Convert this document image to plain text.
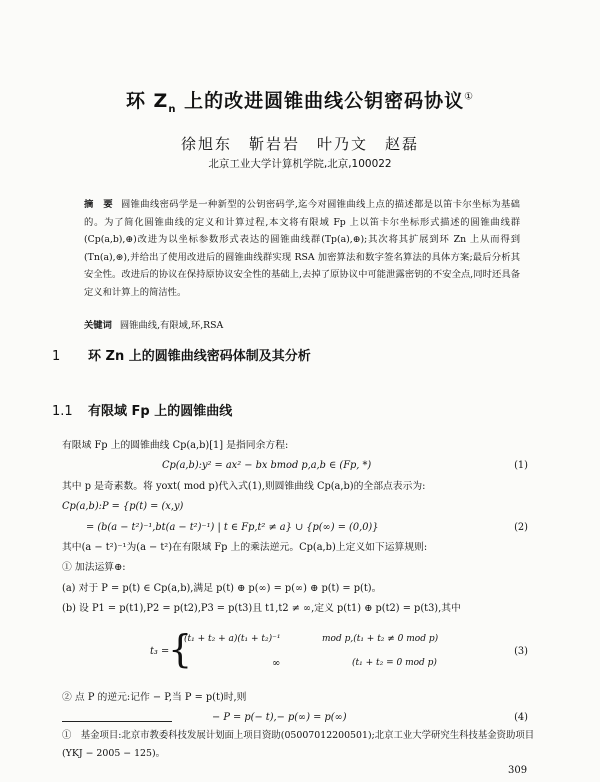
环 $Z_n$ 上的改进圆锥曲线公钥密码协议①
徐旭东　靳岩岩　叶乃文　赵磊
北京工业大学计算机学院,北京,100022
摘　要 圆锥曲线密码学是一种新型的公钥密码学,迄今对圆锥曲线上点的描述都是以笛卡尔坐标为基础的。为了简化圆锥曲线的定义和计算过程,本文将有限域 Fp 上以笛卡尔坐标形式描述的圆锥曲线群(Cp(a,b),⊕)改进为以坐标参数形式表达的圆锥曲线群(Tp(a),⊕);其次将其扩展到环 Zn 上从而得到(Tn(a),⊛),并给出了使用改进后的圆锥曲线群实现 RSA 加密算法和数字签名算法的具体方案;最后分析其安全性。改进后的协议在保持原协议安全性的基础上,去掉了原协议中可能泄露密钥的不安全点,同时还具备定义和计算上的简洁性。
关键词 圆锥曲线,有限域,环,RSA
1 环 Zn 上的圆锥曲线密码体制及其分析
1.1 有限域 Fp 上的圆锥曲线
有限域 Fp 上的圆锥曲线 Cp(a,b)[1] 是指同余方程:
Cp(a,b):y² = ax² − bx bmod p,a,b ∈ (Fp, *)	(1)
其中 p 是奇素数。将 yοxt( mod p)代入式(1),则圆锥曲线 Cp(a,b)的全部点表示为:
Cp(a,b):P = {p(t) = (x,y)
= (b(a − t²)⁻¹,bt(a − t²)⁻¹) | t ∈ Fp,t² ≠ a} ∪ {p(∞) = (0,0)}	(2)
其中(a − t²)⁻¹为(a − t²)在有限域 Fp 上的乘法逆元。Cp(a,b)上定义如下运算规则:
① 加法运算⊕:
(a) 对于 P = p(t) ∈ Cp(a,b),满足 p(t) ⊕ p(∞) = p(∞) ⊕ p(t) = p(t)。
(b) 设 P1 = p(t1),P2 = p(t2),P3 = p(t3)且 t1,t2 ≠ ∞,定义 p(t1) ⊕ p(t2) = p(t3),其中
t₃ =
{
(t₁ + t₂ + a)(t₁ + t₂)⁻¹	mod p,(t₁ + t₂ ≠ 0 mod p)
∞	(t₁ + t₂ = 0 mod p)
(3)
② 点 P 的逆元:记作 − P,当 P = p(t)时,则
− P = p(− t),− p(∞) = p(∞)	(4)
①　基金项目:北京市教委科技发展计划面上项目资助(05007012200501);北京工业大学研究生科技基金资助项目(YKJ − 2005 − 125)。
309
